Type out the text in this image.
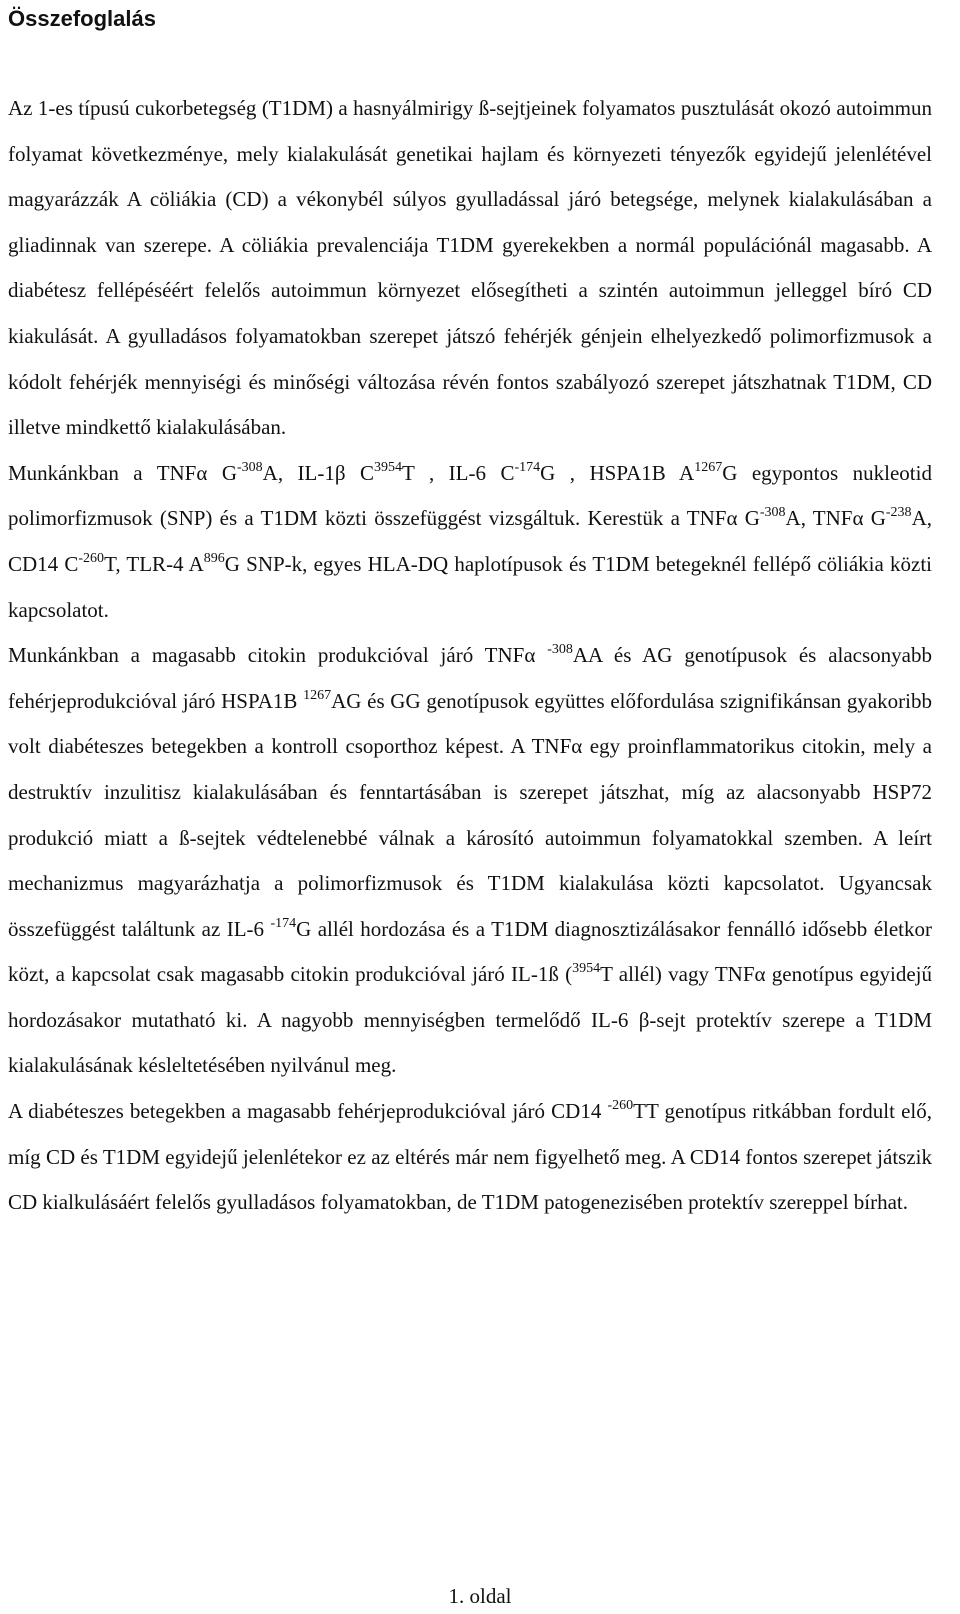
Összefoglalás

Az 1-es típusú cukorbetegség (T1DM) a hasnyálmirigy ß-sejtjeinek folyamatos pusztulását okozó autoimmun folyamat következménye, mely kialakulását genetikai hajlam és környezeti tényezők egyidejű jelenlétével magyarázzák A cöliákia (CD) a vékonybél súlyos gyulladással járó betegsége, melynek kialakulásában a gliadinnak van szerepe. A cöliákia prevalenciája T1DM gyerekekben a normál populációnál magasabb. A diabétesz fellépéséért felelős autoimmun környezet elősegítheti a szintén autoimmun jelleggel bíró CD kiakulását. A gyulladásos folyamatokban szerepet játszó fehérjék génjein elhelyezkedő polimorfizmusok a kódolt fehérjék mennyiségi és minőségi változása révén fontos szabályozó szerepet játszhatnak T1DM, CD illetve mindkettő kialakulásában.

Munkánkban a TNFα $G^{-308}A$, IL-1β $C^{3954}T$ , IL-6 $C^{-174}G$ , HSPA1B $A^{1267}G$ egypontos nukleotid polimorfizmusok (SNP) és a T1DM közti összefüggést vizsgáltuk. Kerestük a TNFα $G^{-308}A$, TNFα $G^{-238}A$, CD14 $C^{-260}T$, TLR-4 $A^{896}G$ SNP-k, egyes HLA-DQ haplotípusok és T1DM betegeknél fellépő cöliákia közti kapcsolatot.

Munkánkban a magasabb citokin produkcióval járó TNFα $^{-308}$AA és AG genotípusok és alacsonyabb fehérjeprodukcióval járó HSPA1B $^{1267}$AG és GG genotípusok együttes előfordulása szignifikánsan gyakoribb volt diabéteszes betegekben a kontroll csoporthoz képest. A TNFα egy proinflammatorikus citokin, mely a destruktív inzulitisz kialakulásában és fenntartásában is szerepet játszhat, míg az alacsonyabb HSP72 produkció miatt a ß-sejtek védtelenebbé válnak a károsító autoimmun folyamatokkal szemben. A leírt mechanizmus magyarázhatja a polimorfizmusok és T1DM kialakulása közti kapcsolatot. Ugyancsak összefüggést találtunk az IL-6 $^{-174}$G allél hordozása és a T1DM diagnosztizálásakor fennálló idősebb életkor közt, a kapcsolat csak magasabb citokin produkcióval járó IL-1ß ($^{3954}$T allél) vagy TNFα genotípus egyidejű hordozásakor mutatható ki. A nagyobb mennyiségben termelődő IL-6 β-sejt protektív szerepe a T1DM kialakulásának késleltetésében nyilvánul meg.

A diabéteszes betegekben a magasabb fehérjeprodukcióval járó CD14 $^{-260}$TT genotípus ritkábban fordult elő, míg CD és T1DM egyidejű jelenlétekor ez az eltérés már nem figyelhető meg. A CD14 fontos szerepet játszik CD kialkulásáért felelős gyulladásos folyamatokban, de T1DM patogenezisében protektív szereppel bírhat.

1. oldal
